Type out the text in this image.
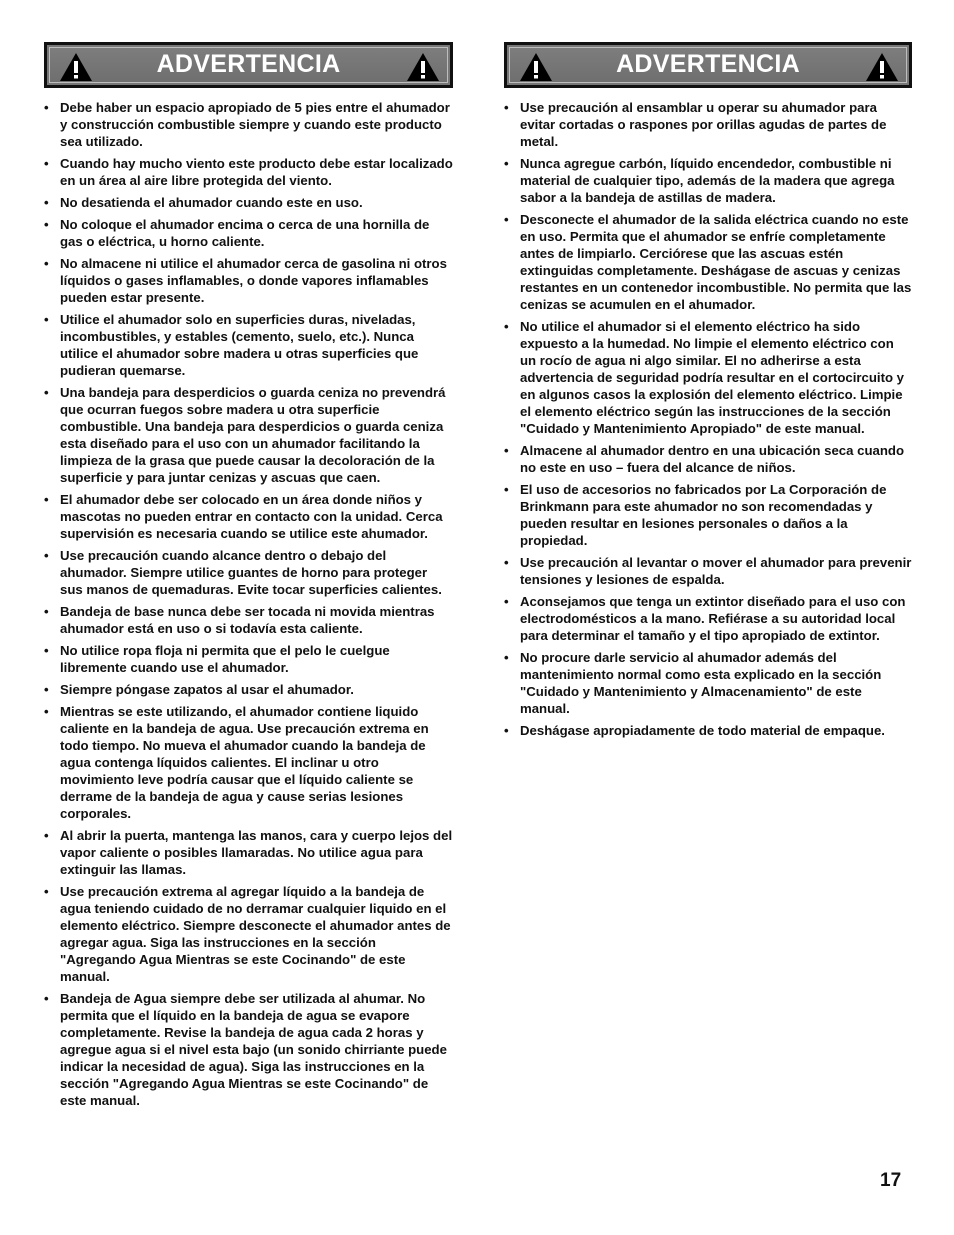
ADVERTENCIA
• Debe haber un espacio apropiado de 5 pies entre el ahumador y construcción combustible siempre y cuando este producto sea utilizado.
• Cuando hay mucho viento este producto debe estar localizado en un área al aire libre protegida del viento.
• No desatienda el ahumador cuando este en uso.
• No coloque el ahumador encima o cerca de una hornilla de gas o eléctrica, u horno caliente.
• No almacene ni utilice el ahumador cerca de gasolina ni otros líquidos o gases inflamables, o donde vapores inflamables pueden estar presente.
• Utilice el ahumador solo en superficies duras, niveladas, incombustibles, y estables (cemento, suelo, etc.). Nunca utilice el ahumador sobre madera u otras superficies que pudieran quemarse.
• Una bandeja para desperdicios o guarda ceniza no prevendrá que ocurran fuegos sobre madera u otra superficie combustible. Una bandeja para desperdicios o guarda ceniza esta diseñado para el uso con un ahumador facilitando la limpieza de la grasa que puede causar la decoloración de la superficie y para juntar cenizas y ascuas que caen.
• El ahumador debe ser colocado en un área donde niños y mascotas no pueden entrar en contacto con la unidad. Cerca supervisión es necesaria cuando se utilice este ahumador.
• Use precaución cuando alcance dentro o debajo del ahumador. Siempre utilice guantes de horno para proteger sus manos de quemaduras. Evite tocar superficies calientes.
• Bandeja de base nunca debe ser tocada ni movida mientras ahumador está en uso o si todavía esta caliente.
• No utilice ropa floja ni permita que el pelo le cuelgue libremente cuando use el ahumador.
• Siempre póngase zapatos al usar el ahumador.
• Mientras se este utilizando, el ahumador contiene liquido caliente en la bandeja de agua. Use precaución extrema en todo tiempo. No mueva el ahumador cuando la bandeja de agua contenga líquidos calientes. El inclinar u otro movimiento leve podría causar que el líquido caliente se derrame de la bandeja de agua y cause serias lesiones corporales.
• Al abrir la puerta, mantenga las manos, cara y cuerpo lejos del vapor caliente o posibles llamaradas. No utilice agua para extinguir las llamas.
• Use precaución extrema al agregar líquido a la bandeja de agua teniendo cuidado de no derramar cualquier liquido en el elemento eléctrico. Siempre desconecte el ahumador antes de agregar agua. Siga las instrucciones en la sección "Agregando Agua Mientras se este Cocinando" de este manual.
• Bandeja de Agua siempre debe ser utilizada al ahumar. No permita que el líquido en la bandeja de agua se evapore completamente. Revise la bandeja de agua cada 2 horas y agregue agua si el nivel esta bajo (un sonido chirriante puede indicar la necesidad de agua). Siga las instrucciones en la sección "Agregando Agua Mientras se este Cocinando" de este manual.
ADVERTENCIA
• Use precaución al ensamblar u operar su ahumador para evitar cortadas o raspones por orillas agudas de partes de metal.
• Nunca agregue carbón, líquido encendedor, combustible ni material de cualquier tipo, además de la madera que agrega sabor a la bandeja de astillas de madera.
• Desconecte el ahumador de la salida eléctrica cuando no este en uso. Permita que el ahumador se enfríe completamente antes de limpiarlo. Cerciórese que las ascuas estén extinguidas completamente. Deshágase de ascuas y cenizas restantes en un contenedor incombustible. No permita que las cenizas se acumulen en el ahumador.
• No utilice el ahumador si el elemento eléctrico ha sido expuesto a la humedad. No limpie el elemento eléctrico con un rocío de agua ni algo similar. El no adherirse a esta advertencia de seguridad podría resultar en el cortocircuito y en algunos casos la explosión del elemento eléctrico. Limpie el elemento eléctrico según las instrucciones de la sección "Cuidado y Mantenimiento Apropiado" de este manual.
• Almacene al ahumador dentro en una ubicación seca cuando no este en uso – fuera del alcance de niños.
• El uso de accesorios no fabricados por La Corporación de Brinkmann para este ahumador no son recomendadas y pueden resultar en lesiones personales o daños a la propiedad.
• Use precaución al levantar o mover el ahumador para prevenir tensiones y lesiones de espalda.
• Aconsejamos que tenga un extintor diseñado para el uso con electrodomésticos a la mano. Refiérase a su autoridad local para determinar el tamaño y el tipo apropiado de extintor.
• No procure darle servicio al ahumador además del mantenimiento normal como esta explicado en la sección "Cuidado y Mantenimiento y Almacenamiento" de este manual.
• Deshágase apropiadamente de todo material de empaque.
17
